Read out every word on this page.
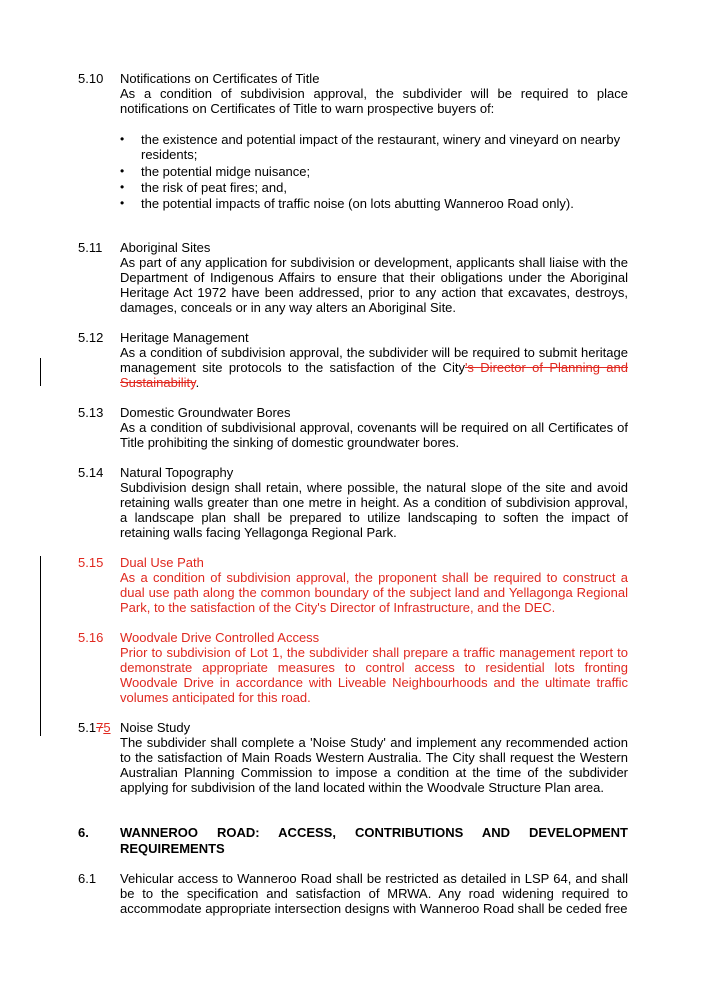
5.10 Notifications on Certificates of Title
As a condition of subdivision approval, the subdivider will be required to place notifications on Certificates of Title to warn prospective buyers of:
• the existence and potential impact of the restaurant, winery and vineyard on nearby residents;
• the potential midge nuisance;
• the risk of peat fires; and,
• the potential impacts of traffic noise (on lots abutting Wanneroo Road only).
5.11 Aboriginal Sites
As part of any application for subdivision or development, applicants shall liaise with the Department of Indigenous Affairs to ensure that their obligations under the Aboriginal Heritage Act 1972 have been addressed, prior to any action that excavates, destroys, damages, conceals or in any way alters an Aboriginal Site.
5.12 Heritage Management
As a condition of subdivision approval, the subdivider will be required to submit heritage management site protocols to the satisfaction of the City's Director of Planning and Sustainability.
5.13 Domestic Groundwater Bores
As a condition of subdivisional approval, covenants will be required on all Certificates of Title prohibiting the sinking of domestic groundwater bores.
5.14 Natural Topography
Subdivision design shall retain, where possible, the natural slope of the site and avoid retaining walls greater than one metre in height. As a condition of subdivision approval, a landscape plan shall be prepared to utilize landscaping to soften the impact of retaining walls facing Yellagonga Regional Park.
5.15 Dual Use Path
As a condition of subdivision approval, the proponent shall be required to construct a dual use path along the common boundary of the subject land and Yellagonga Regional Park, to the satisfaction of the City's Director of Infrastructure, and the DEC.
5.16 Woodvale Drive Controlled Access
Prior to subdivision of Lot 1, the subdivider shall prepare a traffic management report to demonstrate appropriate measures to control access to residential lots fronting Woodvale Drive in accordance with Liveable Neighbourhoods and the ultimate traffic volumes anticipated for this road.
5.175 Noise Study
The subdivider shall complete a 'Noise Study' and implement any recommended action to the satisfaction of Main Roads Western Australia. The City shall request the Western Australian Planning Commission to impose a condition at the time of the subdivider applying for subdivision of the land located within the Woodvale Structure Plan area.
6. WANNEROO ROAD: ACCESS, CONTRIBUTIONS AND DEVELOPMENT REQUIREMENTS
6.1 Vehicular access to Wanneroo Road shall be restricted as detailed in LSP 64, and shall be to the specification and satisfaction of MRWA. Any road widening required to accommodate appropriate intersection designs with Wanneroo Road shall be ceded free
